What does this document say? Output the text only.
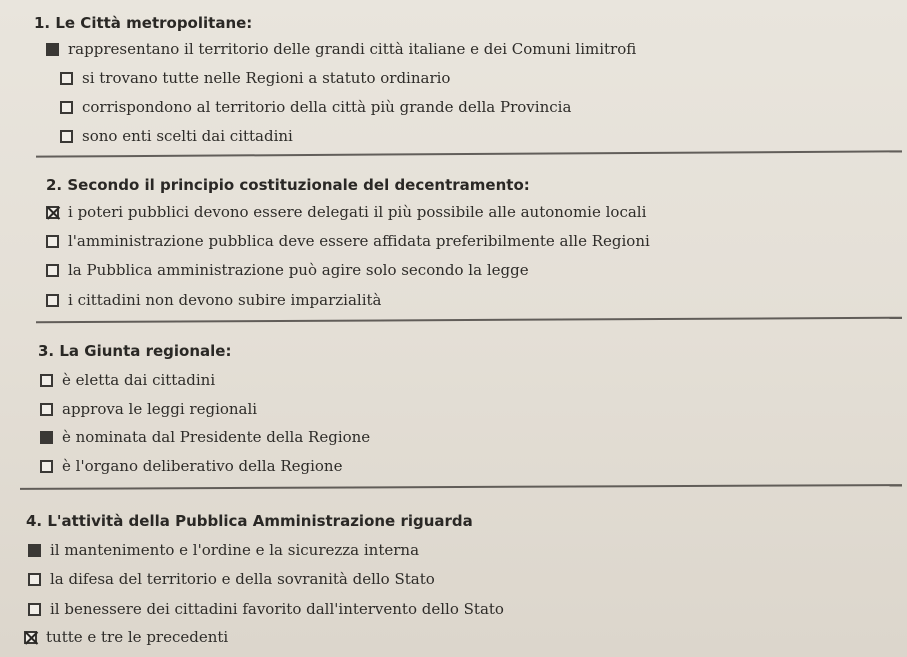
1. Le Città metropolitane:
rappresentano il territorio delle grandi città italiane e dei Comuni limitrofi
si trovano tutte nelle Regioni a statuto ordinario
corrispondono al territorio della città più grande della Provincia
sono enti scelti dai cittadini
2. Secondo il principio costituzionale del decentramento:
i poteri pubblici devono essere delegati il più possibile alle autonomie locali
l'amministrazione pubblica deve essere affidata preferibilmente alle Regioni
la Pubblica amministrazione può agire solo secondo la legge
i cittadini non devono subire imparzialità
3. La Giunta regionale:
è eletta dai cittadini
approva le leggi regionali
è nominata dal Presidente della Regione
è l'organo deliberativo della Regione
4. L'attività della Pubblica Amministrazione riguarda
il mantenimento e l'ordine e la sicurezza interna
la difesa del territorio e della sovranità dello Stato
il benessere dei cittadini favorito dall'intervento dello Stato
tutte e tre le precedenti
